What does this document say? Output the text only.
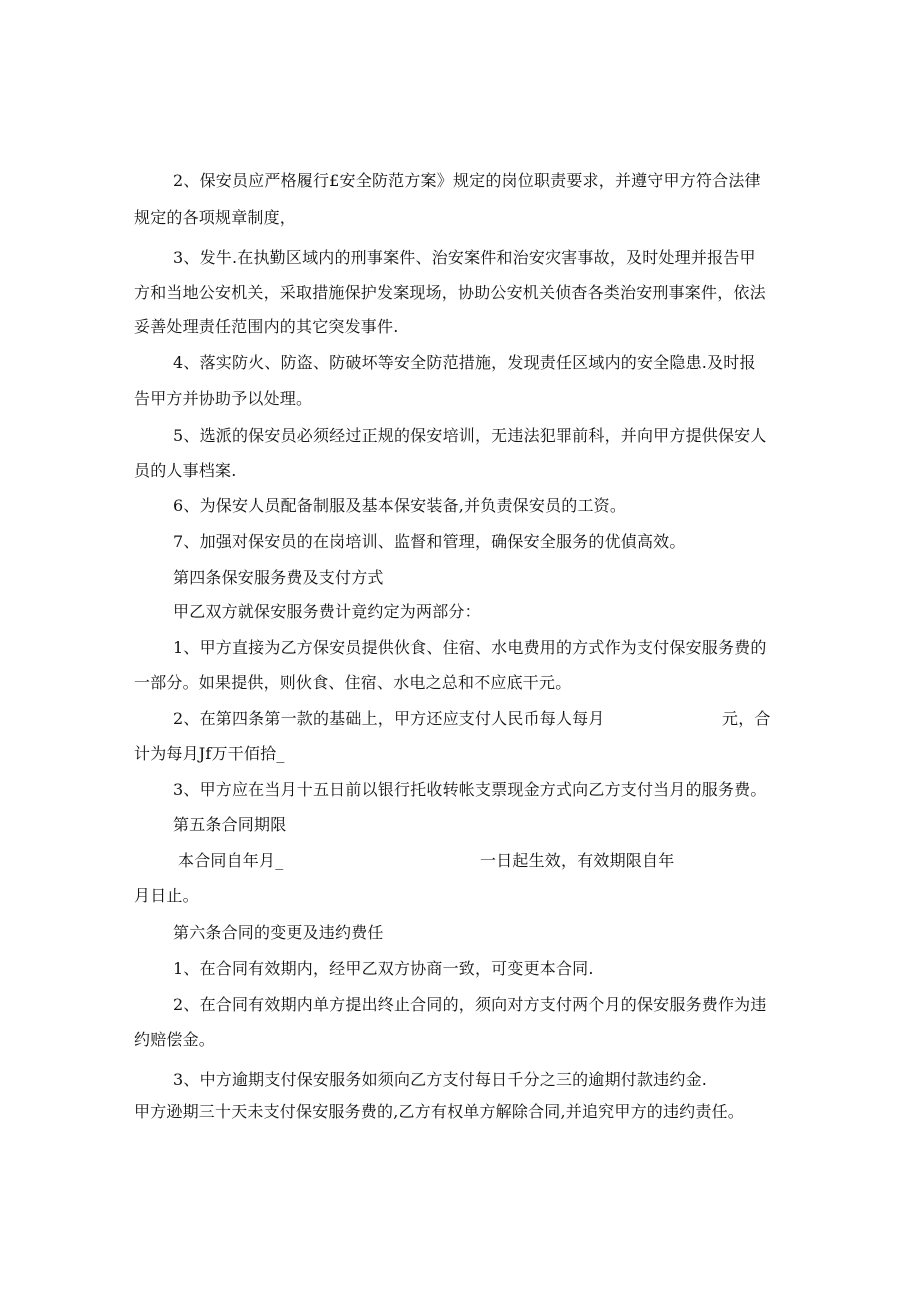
2、保安员应严格履行£安全防范方案》规定的岗位职责要求，并遵守甲方符合法律
规定的各项规章制度，
3、发牛.在执勤区域内的刑事案件、治安案件和治安灾害事故，及时处理并报告甲
方和当地公安机关，采取措施保护发案现场，协助公安机关侦杳各类治安刑事案件，依法
妥善处理责任范围内的其它突发事件.
4、落实防火、防盗、防破坏等安全防范措施，发现责任区域内的安全隐患.及时报
告甲方并协助予以处理。
5、选派的保安员必须经过正规的保安培训，无违法犯罪前科，并向甲方提供保安人
员的人事档案.
6、为保安人员配备制服及基本保安装备,并负责保安员的工资。
7、加强对保安员的在岗培训、监督和管理，确保安全服务的优偵高效。
第四条保安服务费及支付方式
甲乙双方就保安服务费计竟约定为两部分：
1、甲方直接为乙方保安员提供伙食、住宿、水电费用的方式作为支付保安服务费的
一部分。如果提供，则伙食、住宿、水电之总和不应底干元。
2、在第四条第一款的基础上，甲方还应支付人民币每人每月	元，合
计为每月Jf万干佰拾_
3、甲方应在当月十五日前以银行托收转帐支票现金方式向乙方支付当月的服务费。
第五条合同期限
本合同自年月_	一日起生效，有效期限自年
月日止。
第六条合同的变更及违约费任
1、在合同有效期内，经甲乙双方协商一致，可变更本合同.
2、在合同有效期内单方提出终止合同的，须向对方支付两个月的保安服务费作为违
约赔偿金。
3、中方逾期支付保安服务如须向乙方支付每日千分之三的逾期付款违约金.
甲方逊期三十天未支付保安服务费的,乙方有权单方解除合同,并追究甲方的违约责任。
